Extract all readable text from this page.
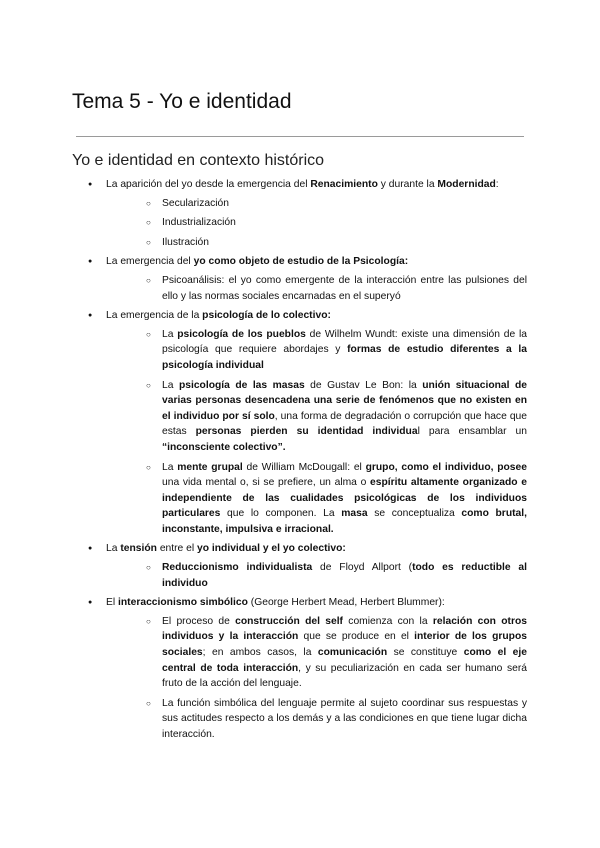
Tema 5 - Yo e identidad
Yo e identidad en contexto histórico
● La aparición del yo desde la emergencia del Renacimiento y durante la Modernidad:
○ Secularización
○ Industrialización
○ Ilustración
● La emergencia del yo como objeto de estudio de la Psicología:
○ Psicoanálisis: el yo como emergente de la interacción entre las pulsiones del ello y las normas sociales encarnadas en el superyó
● La emergencia de la psicología de lo colectivo:
○ La psicología de los pueblos de Wilhelm Wundt: existe una dimensión de la psicología que requiere abordajes y formas de estudio diferentes a la psicología individual
○ La psicología de las masas de Gustav Le Bon: la unión situacional de varias personas desencadena una serie de fenómenos que no existen en el individuo por sí solo, una forma de degradación o corrupción que hace que estas personas pierden su identidad individual para ensamblar un “inconsciente colectivo”.
○ La mente grupal de William McDougall: el grupo, como el individuo, posee una vida mental o, si se prefiere, un alma o espíritu altamente organizado e independiente de las cualidades psicológicas de los individuos particulares que lo componen. La masa se conceptualiza como brutal, inconstante, impulsiva e irracional.
● La tensión entre el yo individual y el yo colectivo:
○ Reduccionismo individualista de Floyd Allport (todo es reductible al individuo
● El interaccionismo simbólico (George Herbert Mead, Herbert Blummer):
○ El proceso de construcción del self comienza con la relación con otros individuos y la interacción que se produce en el interior de los grupos sociales; en ambos casos, la comunicación se constituye como el eje central de toda interacción, y su peculiarización en cada ser humano será fruto de la acción del lenguaje.
○ La función simbólica del lenguaje permite al sujeto coordinar sus respuestas y sus actitudes respecto a los demás y a las condiciones en que tiene lugar dicha interacción.
